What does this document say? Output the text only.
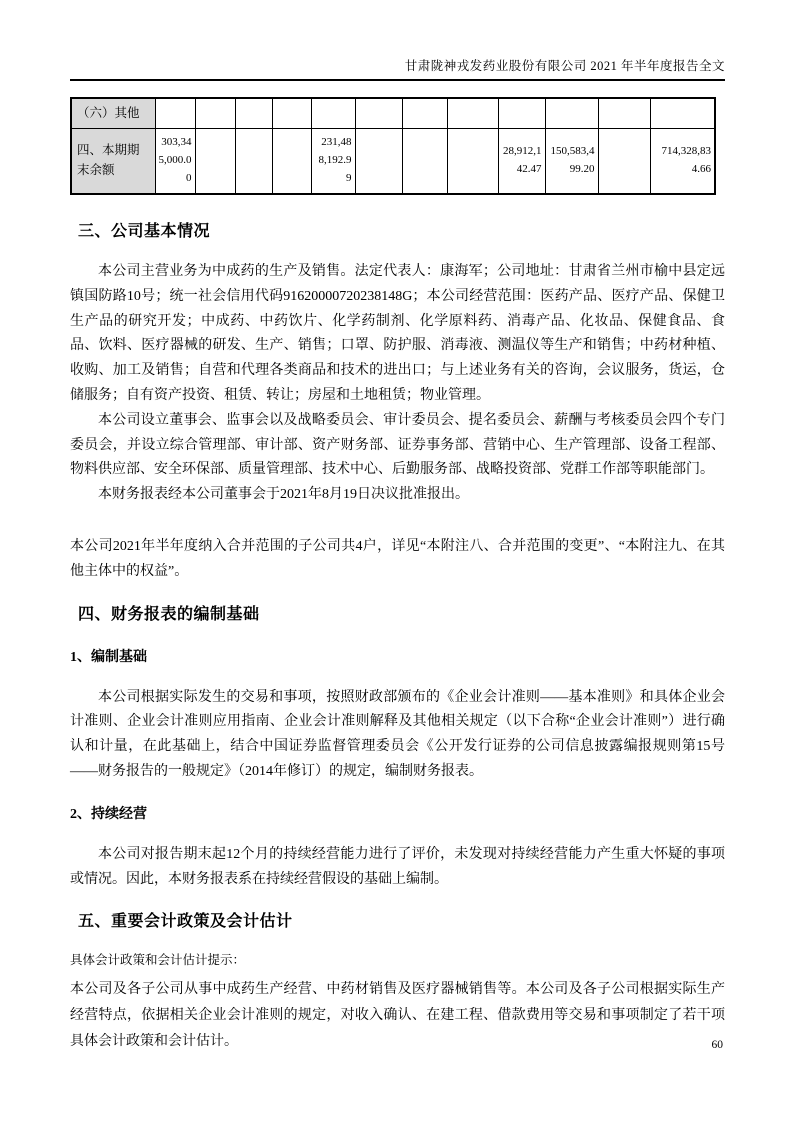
甘肃陇神戎发药业股份有限公司 2021 年半年度报告全文
（六）其他												
四、本期期末余额	303,345,000.00				231,488,192.99				28,912,142.47	150,583,499.20		714,328,834.66
三、公司基本情况

本公司主营业务为中成药的生产及销售。法定代表人：康海军；公司地址：甘肃省兰州市榆中县定远镇国防路10号；统一社会信用代码91620000720238148G；本公司经营范围：医药产品、医疗产品、保健卫生产品的研究开发；中成药、中药饮片、化学药制剂、化学原料药、消毒产品、化妆品、保健食品、食品、饮料、医疗器械的研发、生产、销售；口罩、防护服、消毒液、测温仪等生产和销售；中药材种植、收购、加工及销售；自营和代理各类商品和技术的进出口；与上述业务有关的咨询，会议服务，货运，仓储服务；自有资产投资、租赁、转让；房屋和土地租赁；物业管理。

本公司设立董事会、监事会以及战略委员会、审计委员会、提名委员会、薪酬与考核委员会四个专门委员会，并设立综合管理部、审计部、资产财务部、证券事务部、营销中心、生产管理部、设备工程部、物料供应部、安全环保部、质量管理部、技术中心、后勤服务部、战略投资部、党群工作部等职能部门。

本财务报表经本公司董事会于2021年8月19日决议批准报出。

本公司2021年半年度纳入合并范围的子公司共4户，详见“本附注八、合并范围的变更”、“本附注九、在其他主体中的权益”。

四、财务报表的编制基础
1、编制基础

本公司根据实际发生的交易和事项，按照财政部颁布的《企业会计准则——基本准则》和具体企业会计准则、企业会计准则应用指南、企业会计准则解释及其他相关规定（以下合称“企业会计准则”）进行确认和计量，在此基础上，结合中国证券监督管理委员会《公开发行证券的公司信息披露编报规则第15号——财务报告的一般规定》（2014年修订）的规定，编制财务报表。

2、持续经营

本公司对报告期末起12个月的持续经营能力进行了评价，未发现对持续经营能力产生重大怀疑的事项或情况。因此，本财务报表系在持续经营假设的基础上编制。

五、重要会计政策及会计估计
具体会计政策和会计估计提示：

本公司及各子公司从事中成药生产经营、中药材销售及医疗器械销售等。本公司及各子公司根据实际生产经营特点，依据相关企业会计准则的规定，对收入确认、在建工程、借款费用等交易和事项制定了若干项具体会计政策和会计估计。	60
